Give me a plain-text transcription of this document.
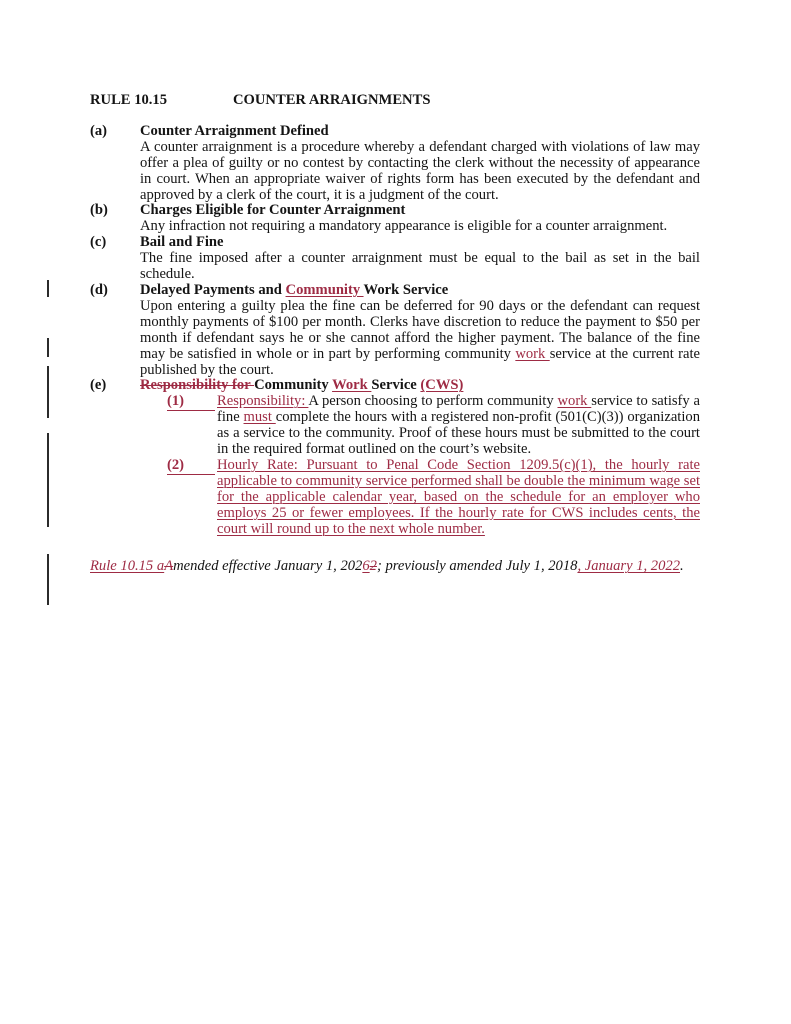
RULE 10.15	COUNTER ARRAIGNMENTS
(a)	Counter Arraignment Defined
A counter arraignment is a procedure whereby a defendant charged with violations of law may offer a plea of guilty or no contest by contacting the clerk without the necessity of appearance in court. When an appropriate waiver of rights form has been executed by the defendant and approved by a clerk of the court, it is a judgment of the court.
(b)	Charges Eligible for Counter Arraignment
Any infraction not requiring a mandatory appearance is eligible for a counter arraignment.
(c)	Bail and Fine
The fine imposed after a counter arraignment must be equal to the bail as set in the bail schedule.
(d)	Delayed Payments and Community Work Service
Upon entering a guilty plea the fine can be deferred for 90 days or the defendant can request monthly payments of $100 per month. Clerks have discretion to reduce the payment to $50 per month if defendant says he or she cannot afford the higher payment. The balance of the fine may be satisfied in whole or in part by performing community work service at the current rate published by the court.
(e)	Responsibility for Community Work Service (CWS)
(1)	Responsibility: A person choosing to perform community work service to satisfy a fine must complete the hours with a registered non-profit (501(C)(3)) organization as a service to the community. Proof of these hours must be submitted to the court in the required format outlined on the court’s website.
(2)	Hourly Rate: Pursuant to Penal Code Section 1209.5(c)(1), the hourly rate applicable to community service performed shall be double the minimum wage set for the applicable calendar year, based on the schedule for an employer who employs 25 or fewer employees. If the hourly rate for CWS includes cents, the court will round up to the next whole number.
Rule 10.15 aAmended effective January 1, 20262; previously amended July 1, 2018, January 1, 2022.
